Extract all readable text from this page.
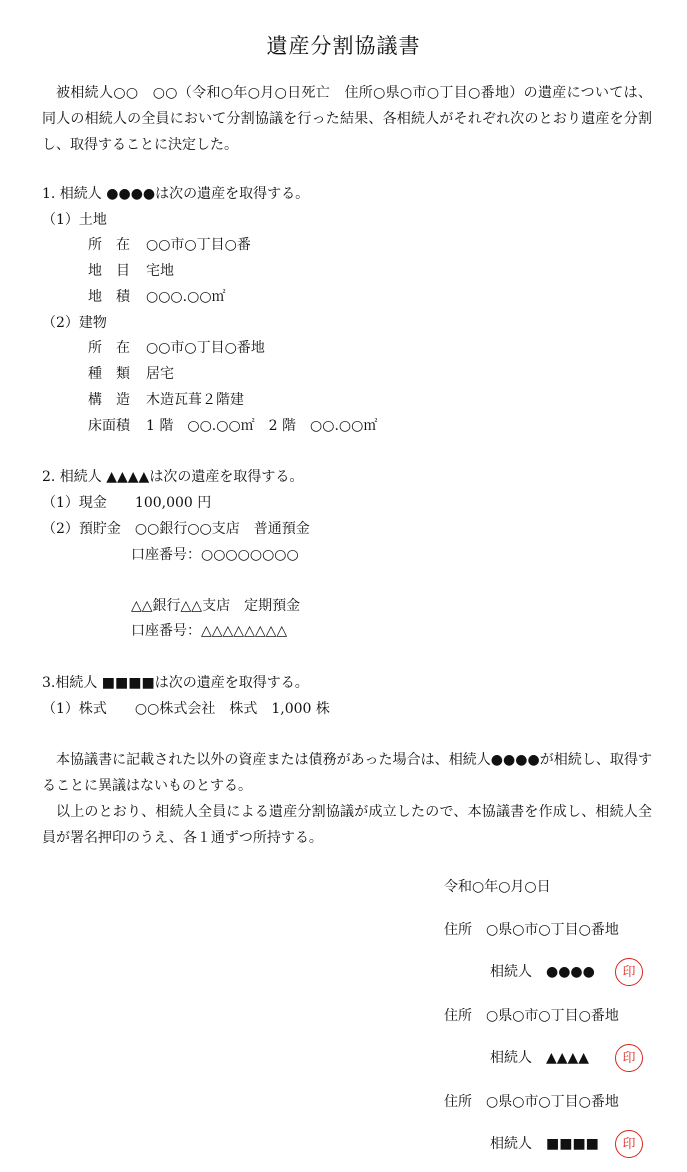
遺産分割協議書
被相続人○○　○○（令和○年○月○日死亡　住所○県○市○丁目○番地）の遺産については、同人の相続人の全員において分割協議を行った結果、各相続人がそれぞれ次のとおり遺産を分割し、取得することに決定した。
1. 相続人 ●●●●は次の遺産を取得する。
（1）土地
所　在 ○○市○丁目○番
地　目 宅地
地　積 ○○○.○○㎡
（2）建物
所　在 ○○市○丁目○番地
種　類 居宅
構　造 木造瓦葺２階建
床面積 1 階　○○.○○㎡　2 階　○○.○○㎡
2. 相続人 ▲▲▲▲は次の遺産を取得する。
（1）現金　　100,000 円
（2）預貯金　○○銀行○○支店　普通預金
口座番号：○○○○○○○○
△△銀行△△支店　定期預金
口座番号：△△△△△△△△
3.相続人 ■■■■は次の遺産を取得する。
（1）株式　　○○株式会社　株式　1,000 株
本協議書に記載された以外の資産または債務があった場合は、相続人●●●●が相続し、取得することに異議はないものとする。
以上のとおり、相続人全員による遺産分割協議が成立したので、本協議書を作成し、相続人全員が署名押印のうえ、各１通ずつ所持する。
令和○年○月○日
住所　○県○市○丁目○番地
相続人　●●●●	印
住所　○県○市○丁目○番地
相続人　▲▲▲▲	印
住所　○県○市○丁目○番地
相続人　■■■■	印
